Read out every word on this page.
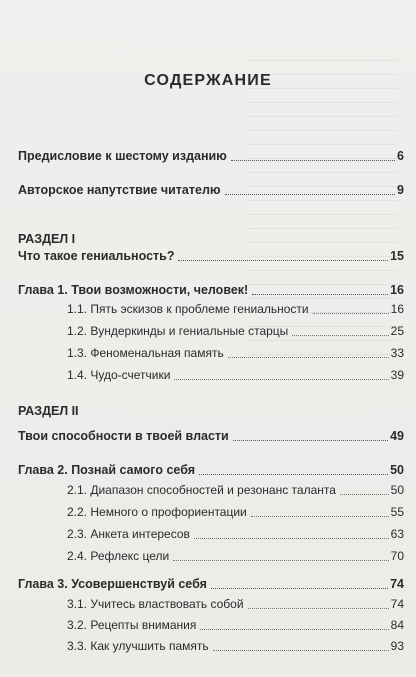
СОДЕРЖАНИЕ
Предисловие к шестому изданию	6
Авторское напутствие читателю	9
РАЗДЕЛ I
Что такое гениальность?	15
Глава 1. Твои возможности, человек!	16
1.1. Пять эскизов к проблеме гениальности	16
1.2. Вундеркинды и гениальные старцы	25
1.3. Феноменальная память	33
1.4. Чудо-счетчики	39
РАЗДЕЛ II
Твои способности в твоей власти	49
Глава 2. Познай самого себя	50
2.1. Диапазон способностей и резонанс таланта	50
2.2. Немного о профориентации	55
2.3. Анкета интересов	63
2.4. Рефлекс цели	70
Глава 3. Усовершенствуй себя	74
3.1. Учитесь властвовать собой	74
3.2. Рецепты внимания	84
3.3. Как улучшить память	93
